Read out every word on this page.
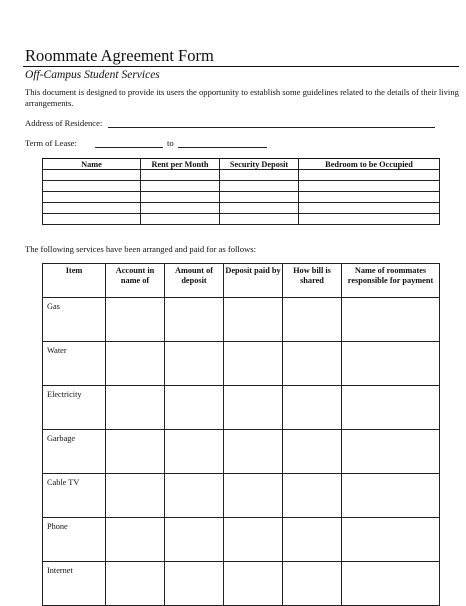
Roommate Agreement Form
Off-Campus Student Services
This document is designed to provide its users the opportunity to establish some guidelines related to the details of their living arrangements.
Address of Residence:
Term of Lease:	to
Name	Rent per Month	Security Deposit	Bedroom to be Occupied

The following services have been arranged and paid for as follows:
Item	Account in name of	Amount of deposit	Deposit paid by	How bill is shared	Name of roommates responsible for payment
Gas					
Water					
Electricity					
Garbage					
Cable TV					
Phone					
Internet					
